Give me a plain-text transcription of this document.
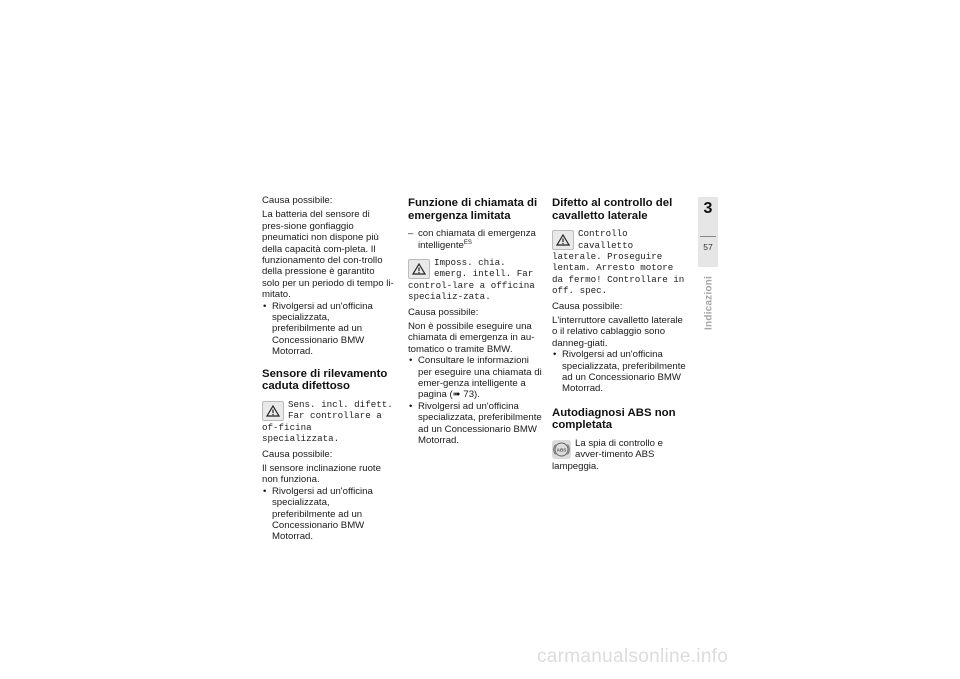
Causa possibile:

La batteria del sensore di pres-sione gonfiaggio pneumatici non dispone più della capacità com-pleta. Il funzionamento del con-trollo della pressione è garantito solo per un periodo di tempo li-mitato.

• Rivolgersi ad un'officina specializzata, preferibilmente ad un Concessionario BMW Motorrad.

Sensore di rilevamento caduta difettoso
Sens. incl. difett. Far controllare a of-ficina specializzata.

Causa possibile:

Il sensore inclinazione ruote non funziona.

• Rivolgersi ad un'officina specializzata, preferibilmente ad un Concessionario BMW Motorrad.

Funzione di chiamata di emergenza limitata

– con chiamata di emergenza intelligente$^{ES}$

Imposs. chia. emerg. intell. Far control-lare a officina specializ-zata.

Causa possibile:

Non è possibile eseguire una chiamata di emergenza in au-tomatico o tramite BMW.

• Consultare le informazioni per eseguire una chiamata di emer-genza intelligente a pagina (➠ 73).

• Rivolgersi ad un'officina specializzata, preferibilmente ad un Concessionario BMW Motorrad.

Difetto al controllo del cavalletto laterale
Controllo cavalletto laterale. Proseguire lentam. Arresto motore da fermo! Controllare in off. spec.

Causa possibile:

L'interruttore cavalletto laterale o il relativo cablaggio sono danneg-giati.

• Rivolgersi ad un'officina specializzata, preferibilmente ad un Concessionario BMW Motorrad.

Autodiagnosi ABS non completata
ABS
La spia di controllo e avver-timento ABS lampeggia.
3
57
Indicazioni
carmanualsonline.info
